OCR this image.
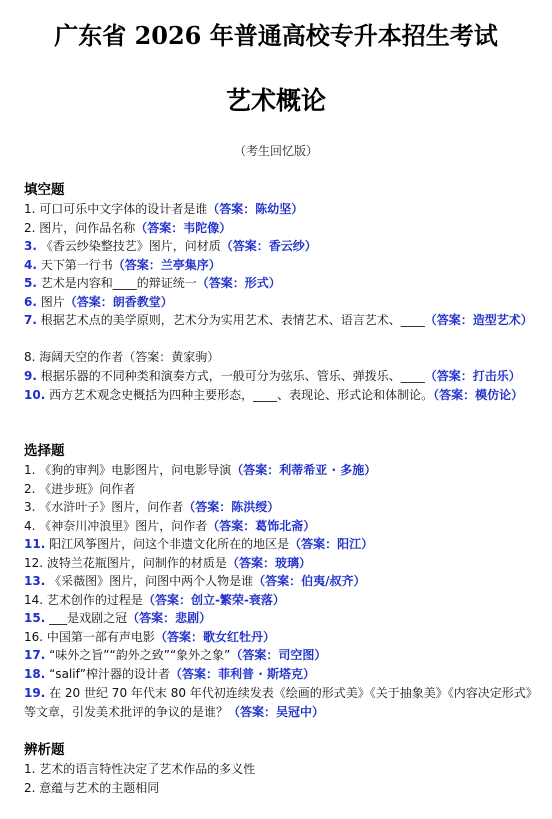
广东省 2026 年普通高校专升本招生考试
艺术概论
（考生回忆版）
填空题
1. 可口可乐中文字体的设计者是谁（答案：陈幼坚）
2. 图片，问作品名称（答案：韦陀像）
3. 《香云纱染整技艺》图片，问材质（答案：香云纱）
4. 天下第一行书（答案：兰亭集序）
5. 艺术是内容和____的辩证统一（答案：形式）
6. 图片（答案：朗香教堂）
7. 根据艺术点的美学原则，艺术分为实用艺术、表情艺术、语言艺术、____（答案：造型艺术）
8. 海阔天空的作者（答案：黄家驹）
9. 根据乐器的不同种类和演奏方式，一般可分为弦乐、管乐、弹拨乐、____（答案：打击乐）
10. 西方艺术观念史概括为四种主要形态，____、表现论、形式论和体制论。（答案：模仿论）
选择题
1. 《狗的审判》电影图片，问电影导演（答案：利蒂希亚 · 多施）
2. 《进步班》问作者
3. 《水浒叶子》图片，问作者（答案：陈洪绶）
4. 《神奈川冲浪里》图片，问作者（答案：葛饰北斋）
11. 阳江风筝图片，问这个非遗文化所在的地区是（答案：阳江）
12. 波特兰花瓶图片，问制作的材质是（答案：玻璃）
13. 《采薇图》图片，问图中两个人物是谁（答案：伯夷/叔齐）
14. 艺术创作的过程是（答案：创立-繁荣-衰落）
15. ___是戏剧之冠（答案：悲剧）
16. 中国第一部有声电影（答案：歌女红牡丹）
17. “味外之旨”“韵外之致”“象外之象”（答案：司空图）
18. “salif”榨汁器的设计者（答案：菲利普 · 斯塔克）
19. 在 20 世纪 70 年代末 80 年代初连续发表《绘画的形式美》《关于抽象美》《内容决定形式》等文章，引发美术批评的争议的是谁？（答案：吴冠中）
辨析题
1. 艺术的语言特性决定了艺术作品的多义性
2. 意蕴与艺术的主题相同
